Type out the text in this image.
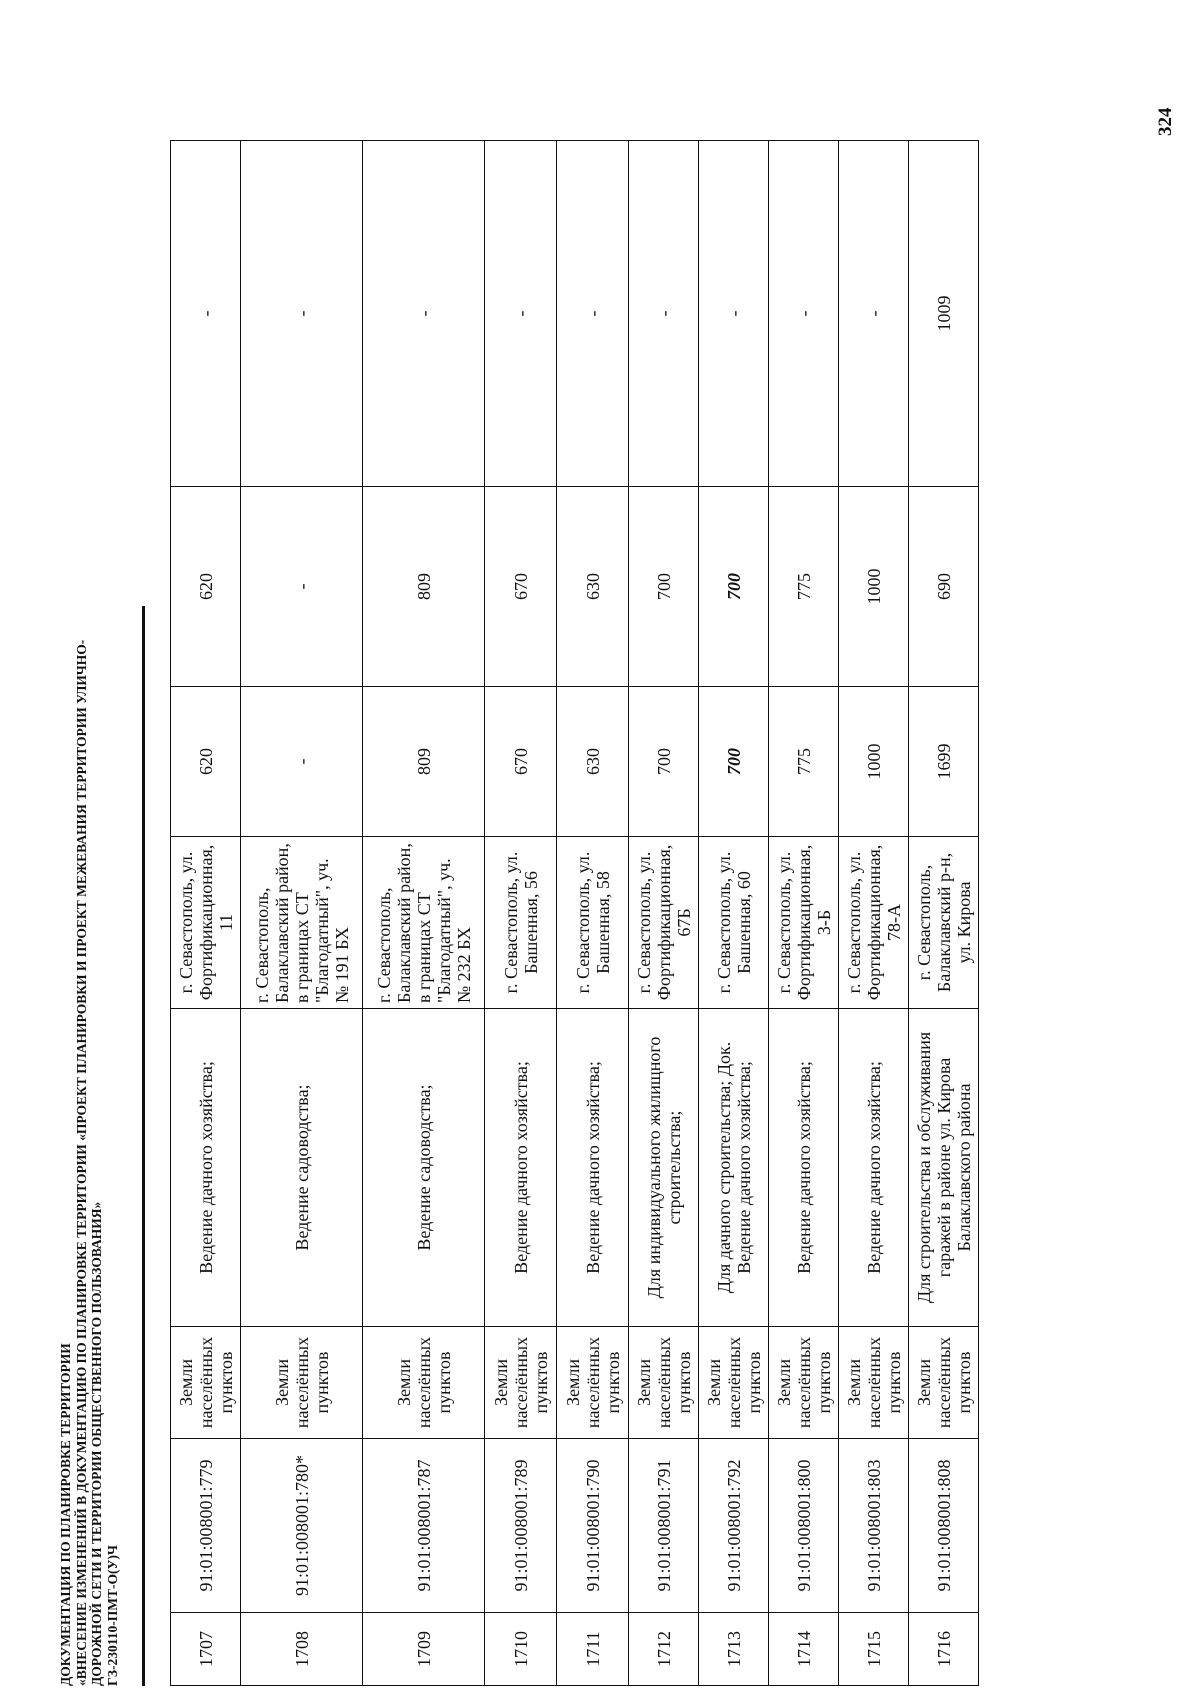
324
ДОКУМЕНТАЦИЯ ПО ПЛАНИРОВКЕ ТЕРРИТОРИИ «ВНЕСЕНИЕ ИЗМЕНЕНИЙ В ДОКУМЕНТАЦИЮ ПО ПЛАНИРОВКЕ ТЕРРИТОРИИ «ПРОЕКТ ПЛАНИРОВКИ И ПРОЕКТ МЕЖЕВАНИЯ ТЕРРИТОРИИ УЛИЧНО- ДОРОЖНОЙ СЕТИ И ТЕРРИТОРИИ ОБЩЕСТВЕННОГО ПОЛЬЗОВАНИЯ» ГЗ-230110-ПМТ-О(У)Ч	1707	91:01:008001:779	Земли населённых пунктов	Ведение дачного хозяйства;	г. Севастополь, ул. Фортификационная, 11	620	620	-
1708	91:01:008001:780*	Земли населённых пунктов	Ведение садоводства;	г. Севастополь, Балаклавский район, в границах СТ "Благодатный", уч.№ 191 БХ	-	-	-
1709	91:01:008001:787	Земли населённых пунктов	Ведение садоводства;	г. Севастополь, Балаклавский район, в границах СТ "Благодатный", уч. № 232 БХ	809	809	-
1710	91:01:008001:789	Земли населённых пунктов	Ведение дачного хозяйства;	г. Севастополь, ул. Башенная, 56	670	670	-
1711	91:01:008001:790	Земли населённых пунктов	Ведение дачного хозяйства;	г. Севастополь, ул. Башенная, 58	630	630	-
1712	91:01:008001:791	Земли населённых пунктов	Для индивидуального жилищного строительства;	г. Севастополь, ул. Фортификационная, 67Б	700	700	-
1713	91:01:008001:792	Земли населённых пунктов	Для дачного строительства; Док. Ведение дачного хозяйства;	г. Севастополь, ул. Башенная, 60	700	700	-
1714	91:01:008001:800	Земли населённых пунктов	Ведение дачного хозяйства;	г. Севастополь, ул. Фортификационная, 3-Б	775	775	-
1715	91:01:008001:803	Земли населённых пунктов	Ведение дачного хозяйства;	г. Севастополь, ул. Фортификационная, 78-А	1000	1000	-
1716	91:01:008001:808	Земли населённых пунктов	Для строительства и обслуживания гаражей в районе ул. Кирова Балаклавского района	г. Севастополь, Балаклавский р-н, ул. Кирова	1699	690	1009
